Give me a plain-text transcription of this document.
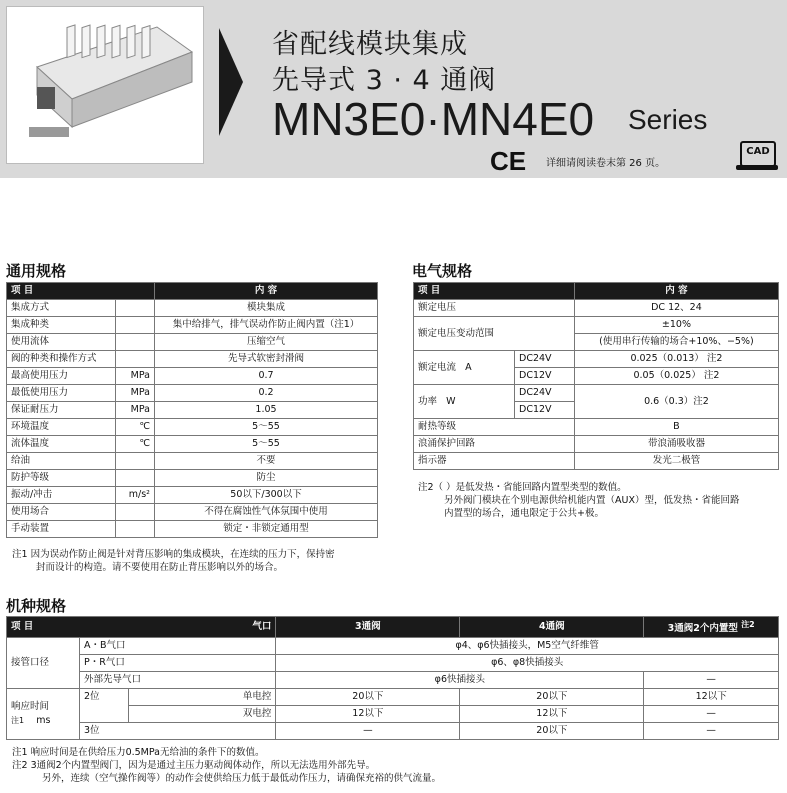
省配线模块集成
先导式 3 · 4 通阀
MN3E0·MN4E0 Series
CE 详细请阅读卷末第 26 页。
CAD
通用规格
项 目		内 容
集成方式		模块集成
集成种类		集中给排气，排气误动作防止阀内置（注1）
使用流体		压缩空气
阀的种类和操作方式		先导式软密封滑阀
最高使用压力	MPa	0.7
最低使用压力	MPa	0.2
保证耐压力	MPa	1.05
环境温度	℃	5～55
流体温度	℃	5～55
给油		不要
防护等级		防尘
振动/冲击	m/s²	50以下/300以下
使用场合		不得在腐蚀性气体氛围中使用
手动装置		锁定・非锁定通用型
注1 因为误动作防止阀是针对背压影响的集成模块，在连续的压力下，保持密
封而设计的构造。请不要使用在防止背压影响以外的场合。
电气规格
项 目		内 容
额定电压		DC 12、24
额定电压变动范围		±10%
		(使用串行传输的场合+10%、−5%)
额定电流 A	DC24V	0.025（0.013） 注2
	DC12V	0.05（0.025） 注2
功率 W	DC24V	0.6（0.3）注2
	DC12V	
耐热等级		B
浪涌保护回路		带浪涌吸收器
指示器		发光二极管
注2（ ）是低发热・省能回路内置型类型的数值。
另外阀门模块在个别电源供给机能内置（AUX）型，低发热・省能回路
内置型的场合，通电限定于公共+极。
机种规格
项 目 气口			3通阀	4通阀	3通阀2个内置型 $^{注2}$
接管口径	A・B气口		φ4、φ6快插接头，M5空气纤维管		
	P・R气口		φ6、φ8快插接头		
	外部先导气口		φ6快插接头		—

响应时间
注1 ms	2位	单电控	20以下	20以下	12以下
		双电控	12以下	12以下	—
	3位		—	20以下	—
注1 响应时间是在供给压力0.5MPa无给油的条件下的数值。
注2 3通阀2个内置型阀门，因为是通过主压力驱动阀体动作，所以无法选用外部先导。
另外，连续（空气操作阀等）的动作会使供给压力低于最低动作压力，请确保充裕的供气流量。
